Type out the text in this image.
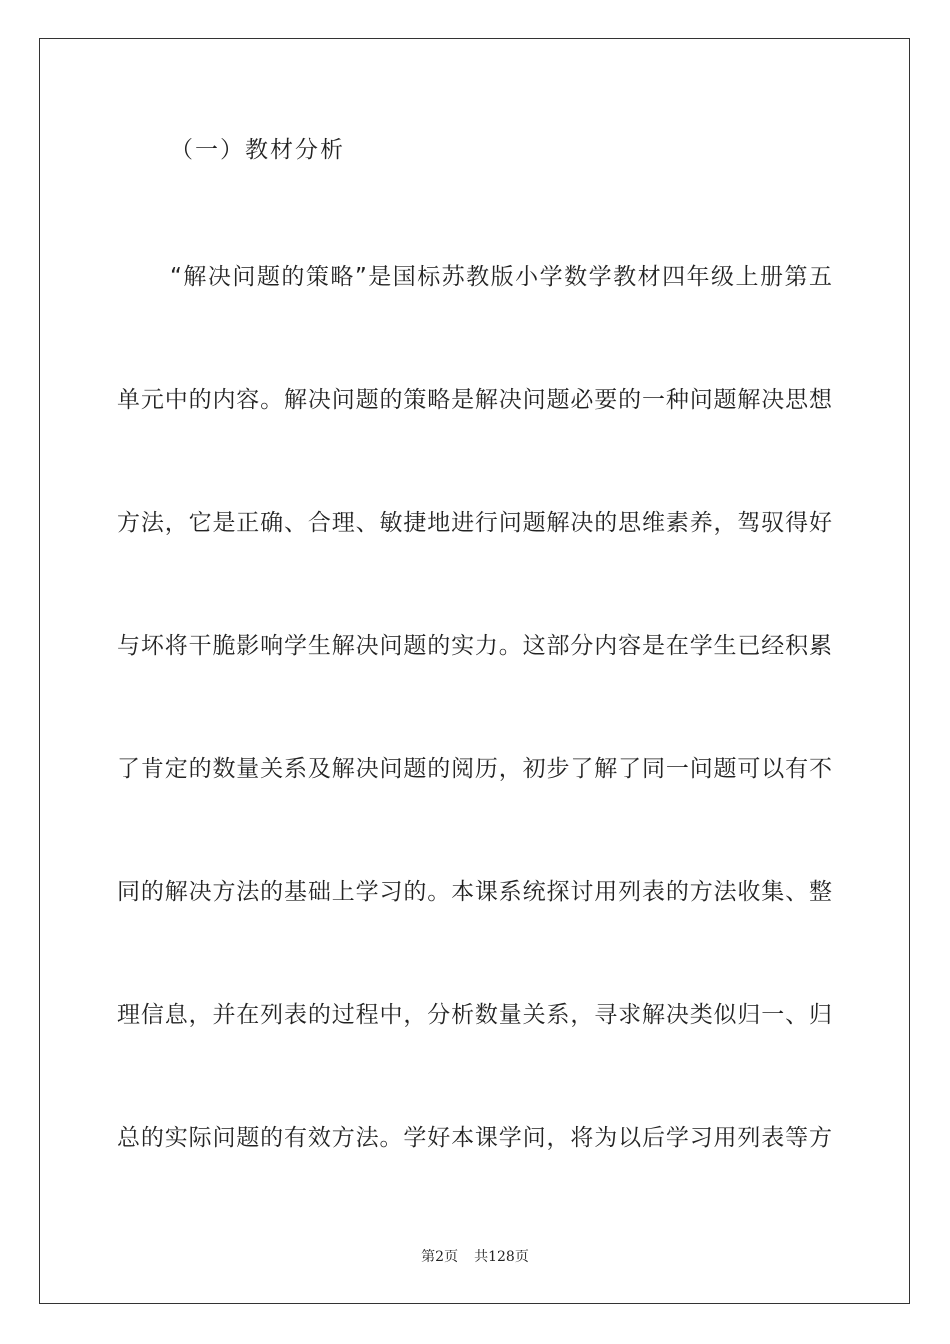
（一）教材分析
“解决问题的策略”是国标苏教版小学数学教材四年级上册第五
单元中的内容。解决问题的策略是解决问题必要的一种问题解决思想
方法，它是正确、合理、敏捷地进行问题解决的思维素养，驾驭得好
与坏将干脆影响学生解决问题的实力。这部分内容是在学生已经积累
了肯定的数量关系及解决问题的阅历，初步了解了同一问题可以有不
同的解决方法的基础上学习的。本课系统探讨用列表的方法收集、整
理信息，并在列表的过程中，分析数量关系，寻求解决类似归一、归
总的实际问题的有效方法。学好本课学问，将为以后学习用列表等方
第2页 共128页
